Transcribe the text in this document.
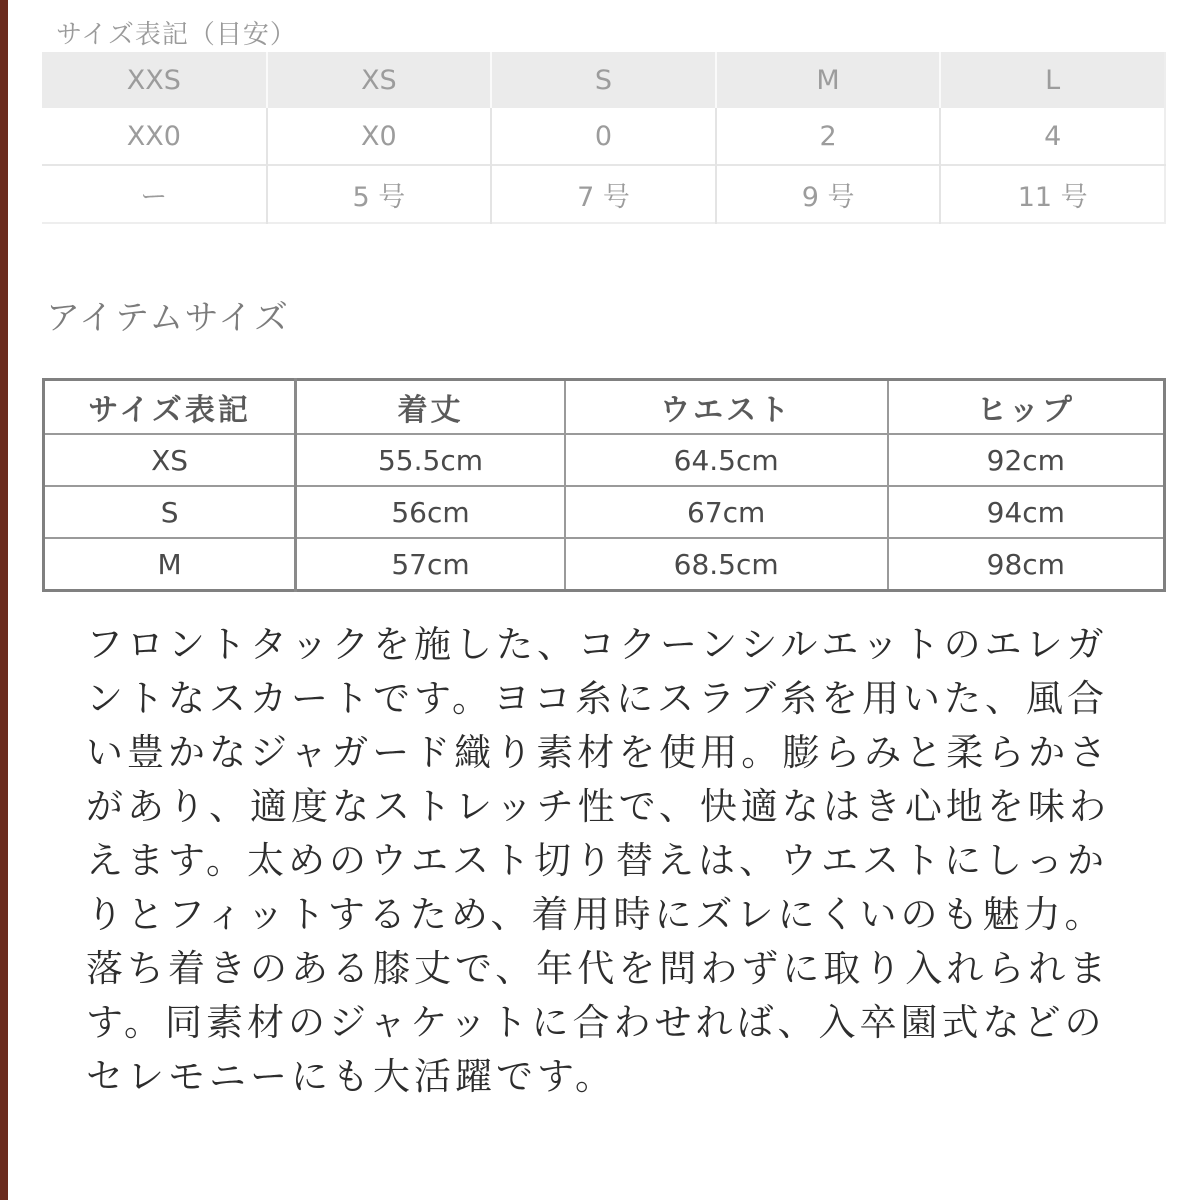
サイズ表記（目安）
XXS	XS	S	M	L
XX0	X0	0	2	4
ー	5 号	7 号	9 号	11 号
アイテムサイズ
サイズ表記	着丈	ウエスト	ヒップ
XS	55.5cm	64.5cm	92cm
S	56cm	67cm	94cm
M	57cm	68.5cm	98cm
フロントタックを施した、コクーンシルエットのエレガ
ントなスカートです。ヨコ糸にスラブ糸を用いた、風合
い豊かなジャガード織り素材を使用。膨らみと柔らかさ
があり、適度なストレッチ性で、快適なはき心地を味わ
えます。太めのウエスト切り替えは、ウエストにしっか
りとフィットするため、着用時にズレにくいのも魅力。
落ち着きのある膝丈で、年代を問わずに取り入れられま
す。同素材のジャケットに合わせれば、入卒園式などの
セレモニーにも大活躍です。
